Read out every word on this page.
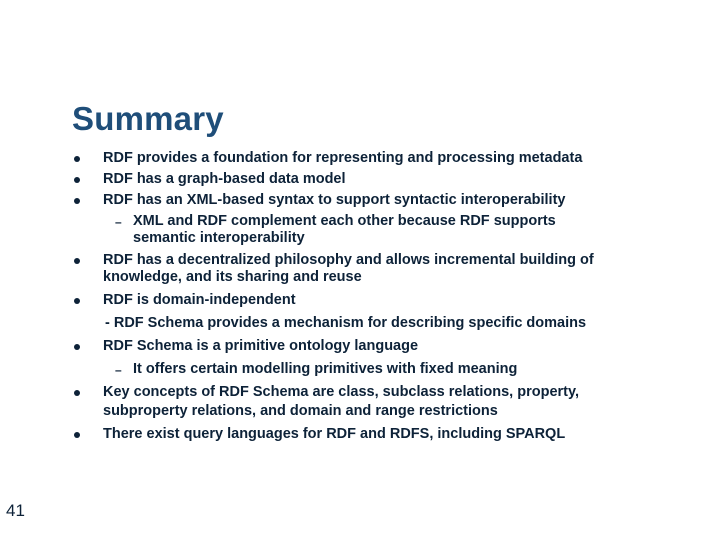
Summary
RDF provides a foundation for representing and processing metadata
RDF has a graph-based data model
RDF has an XML-based syntax to support syntactic interoperability
– XML and RDF complement each other because RDF supports
semantic interoperability
RDF has a decentralized philosophy and allows incremental building of
knowledge, and its sharing and reuse
RDF is domain-independent
- RDF Schema provides a mechanism for describing specific domains
RDF Schema is a primitive ontology language
– It offers certain modelling primitives with fixed meaning
Key concepts of RDF Schema are class, subclass relations, property,
subproperty relations, and domain and range restrictions
There exist query languages for RDF and RDFS, including SPARQL
41
